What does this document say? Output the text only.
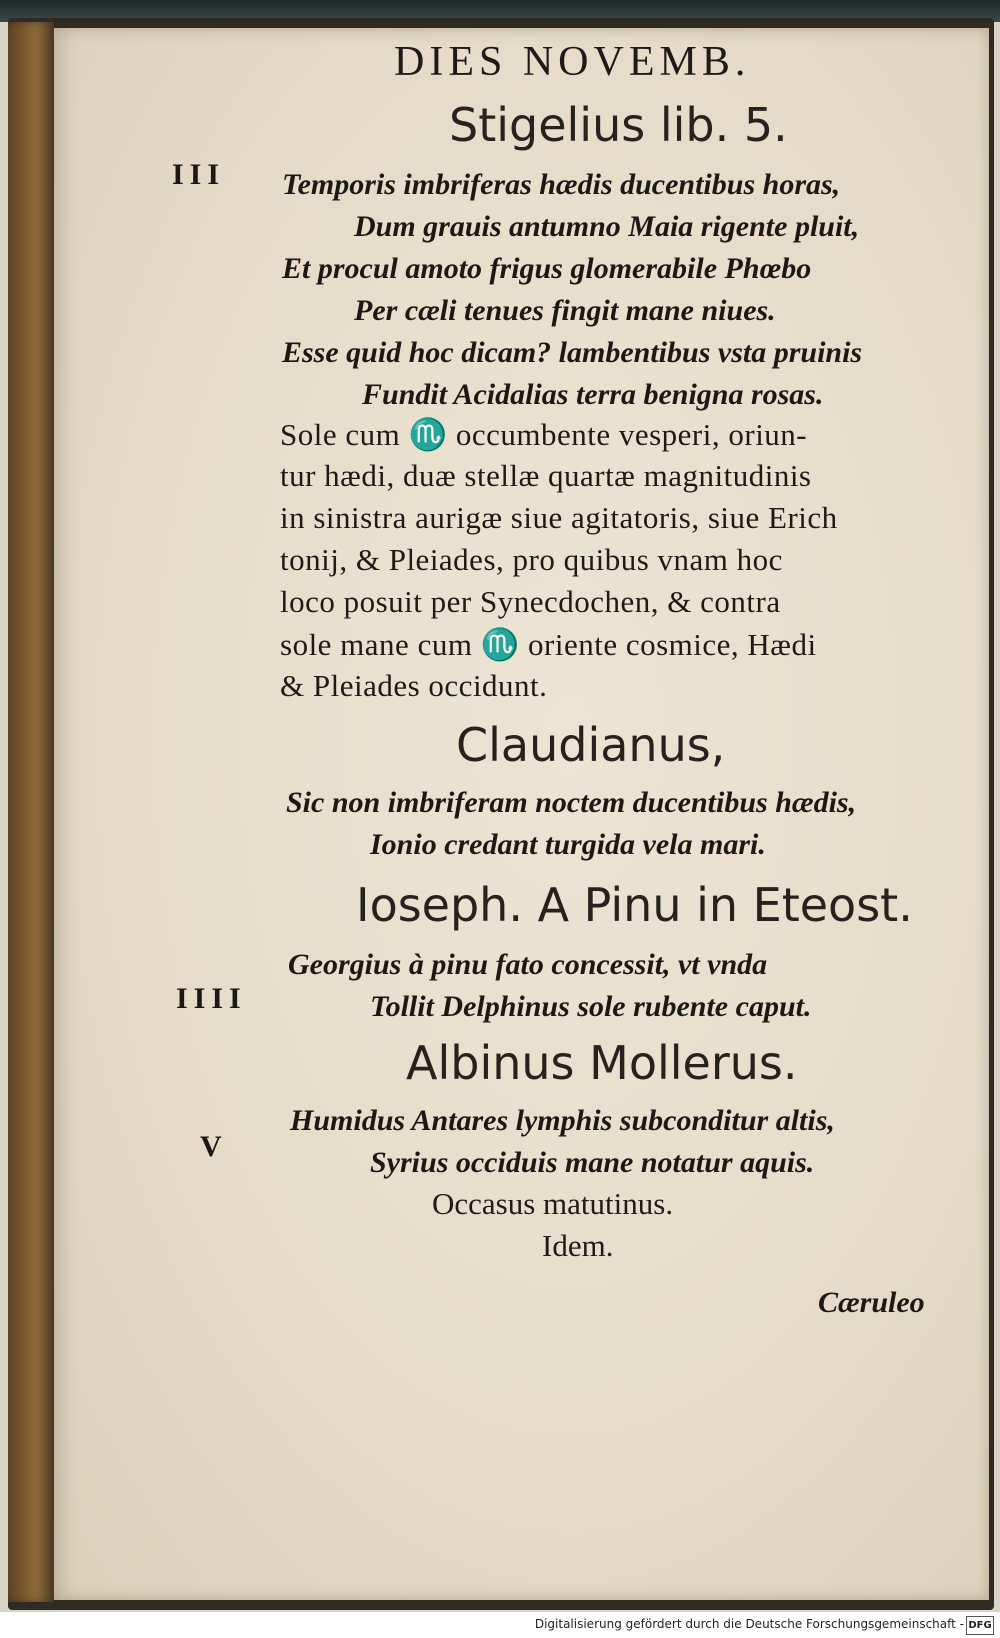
DIES NOVEMB.
Stigelius lib. 5.
III Temporis imbriferas hædis ducentibus horas,
Dum grauis antumno Maia rigente pluit,
Et procul amoto frigus glomerabile Phœbo
Per cæli tenues fingit mane niues.
Esse quid hoc dicam? lambentibus vsta pruinis
Fundit Acidalias terra benigna rosas.
Sole cum ♏ occumbente vesperi, oriun-
tur hædi, duæ stellæ quartæ magnitudinis
in sinistra aurigæ siue agitatoris, siue Erich
tonij, & Pleiades, pro quibus vnam hoc
loco posuit per Synecdochen, & contra
sole mane cum ♏ oriente cosmice, Hædi
& Pleiades occidunt.
Claudianus,
Sic non imbriferam noctem ducentibus hædis,
Ionio credant turgida vela mari.
Ioseph. A Pinu in Eteost.
Georgius à pinu fato concessit, vt vnda
IIII	Tollit Delphinus sole rubente caput.
Albinus Mollerus.
Humidus Antares lymphis subconditur altis,
V	Syrius occiduis mane notatur aquis.
Occasus matutinus.
Idem.
Cæruleo
Digitalisierung gefördert durch die Deutsche Forschungsgemeinschaft - DFG
